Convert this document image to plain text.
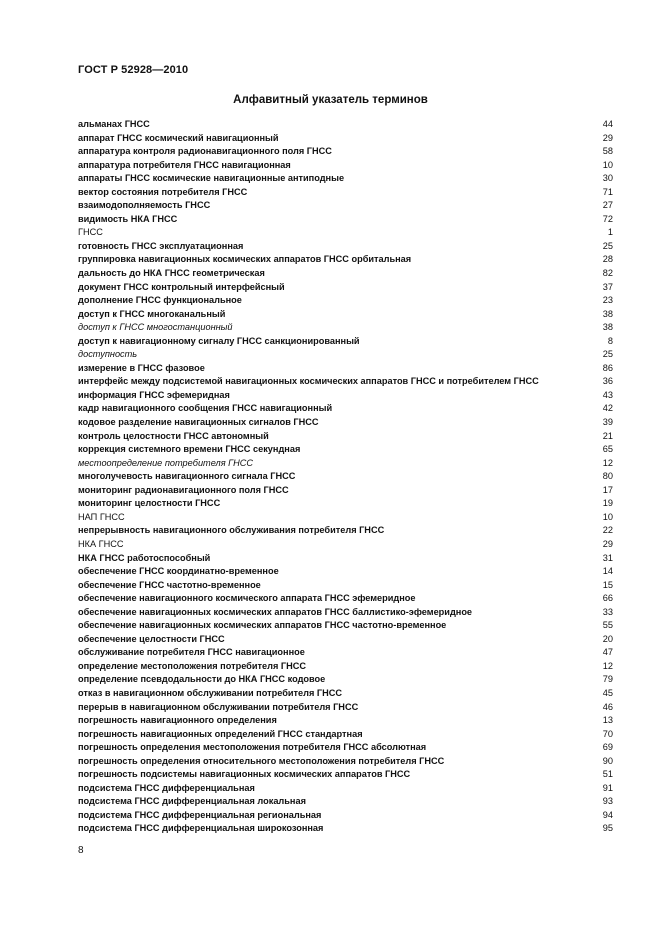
ГОСТ Р 52928—2010
Алфавитный указатель терминов
альманах ГНСС	44
аппарат ГНСС космический навигационный	29
аппаратура контроля радионавигационного поля ГНСС	58
аппаратура потребителя ГНСС навигационная	10
аппараты ГНСС космические навигационные антиподные	30
вектор состояния потребителя ГНСС	71
взаимодополняемость ГНСС	27
видимость НКА ГНСС	72
ГНСС	1
готовность ГНСС эксплуатационная	25
группировка навигационных космических аппаратов ГНСС орбитальная	28
дальность до НКА ГНСС геометрическая	82
документ ГНСС контрольный интерфейсный	37
дополнение ГНСС функциональное	23
доступ к ГНСС многоканальный	38
доступ к ГНСС многостанционный	38
доступ к навигационному сигналу ГНСС санкционированный	8
доступность	25
измерение в ГНСС фазовое	86
интерфейс между подсистемой навигационных космических аппаратов ГНСС и потребителем ГНСС	36
информация ГНСС эфемеридная	43
кадр навигационного сообщения ГНСС навигационный	42
кодовое разделение навигационных сигналов ГНСС	39
контроль целостности ГНСС автономный	21
коррекция системного времени ГНСС секундная	65
местоопределение потребителя ГНСС	12
многолучевость навигационного сигнала ГНСС	80
мониторинг радионавигационного поля ГНСС	17
мониторинг целостности ГНСС	19
НАП ГНСС	10
непрерывность навигационного обслуживания потребителя ГНСС	22
НКА ГНСС	29
НКА ГНСС работоспособный	31
обеспечение ГНСС координатно-временное	14
обеспечение ГНСС частотно-временное	15
обеспечение навигационного космического аппарата ГНСС эфемеридное	66
обеспечение навигационных космических аппаратов ГНСС баллистико-эфемеридное	33
обеспечение навигационных космических аппаратов ГНСС частотно-временное	55
обеспечение целостности ГНСС	20
обслуживание потребителя ГНСС навигационное	47
определение местоположения потребителя ГНСС	12
определение псевдодальности до НКА ГНСС кодовое	79
отказ в навигационном обслуживании потребителя ГНСС	45
перерыв в навигационном обслуживании потребителя ГНСС	46
погрешность навигационного определения	13
погрешность навигационных определений ГНСС стандартная	70
погрешность определения местоположения потребителя ГНСС абсолютная	69
погрешность определения относительного местоположения потребителя ГНСС	90
погрешность подсистемы навигационных космических аппаратов ГНСС	51
подсистема ГНСС дифференциальная	91
подсистема ГНСС дифференциальная локальная	93
подсистема ГНСС дифференциальная региональная	94
подсистема ГНСС дифференциальная широкозонная	95
8
